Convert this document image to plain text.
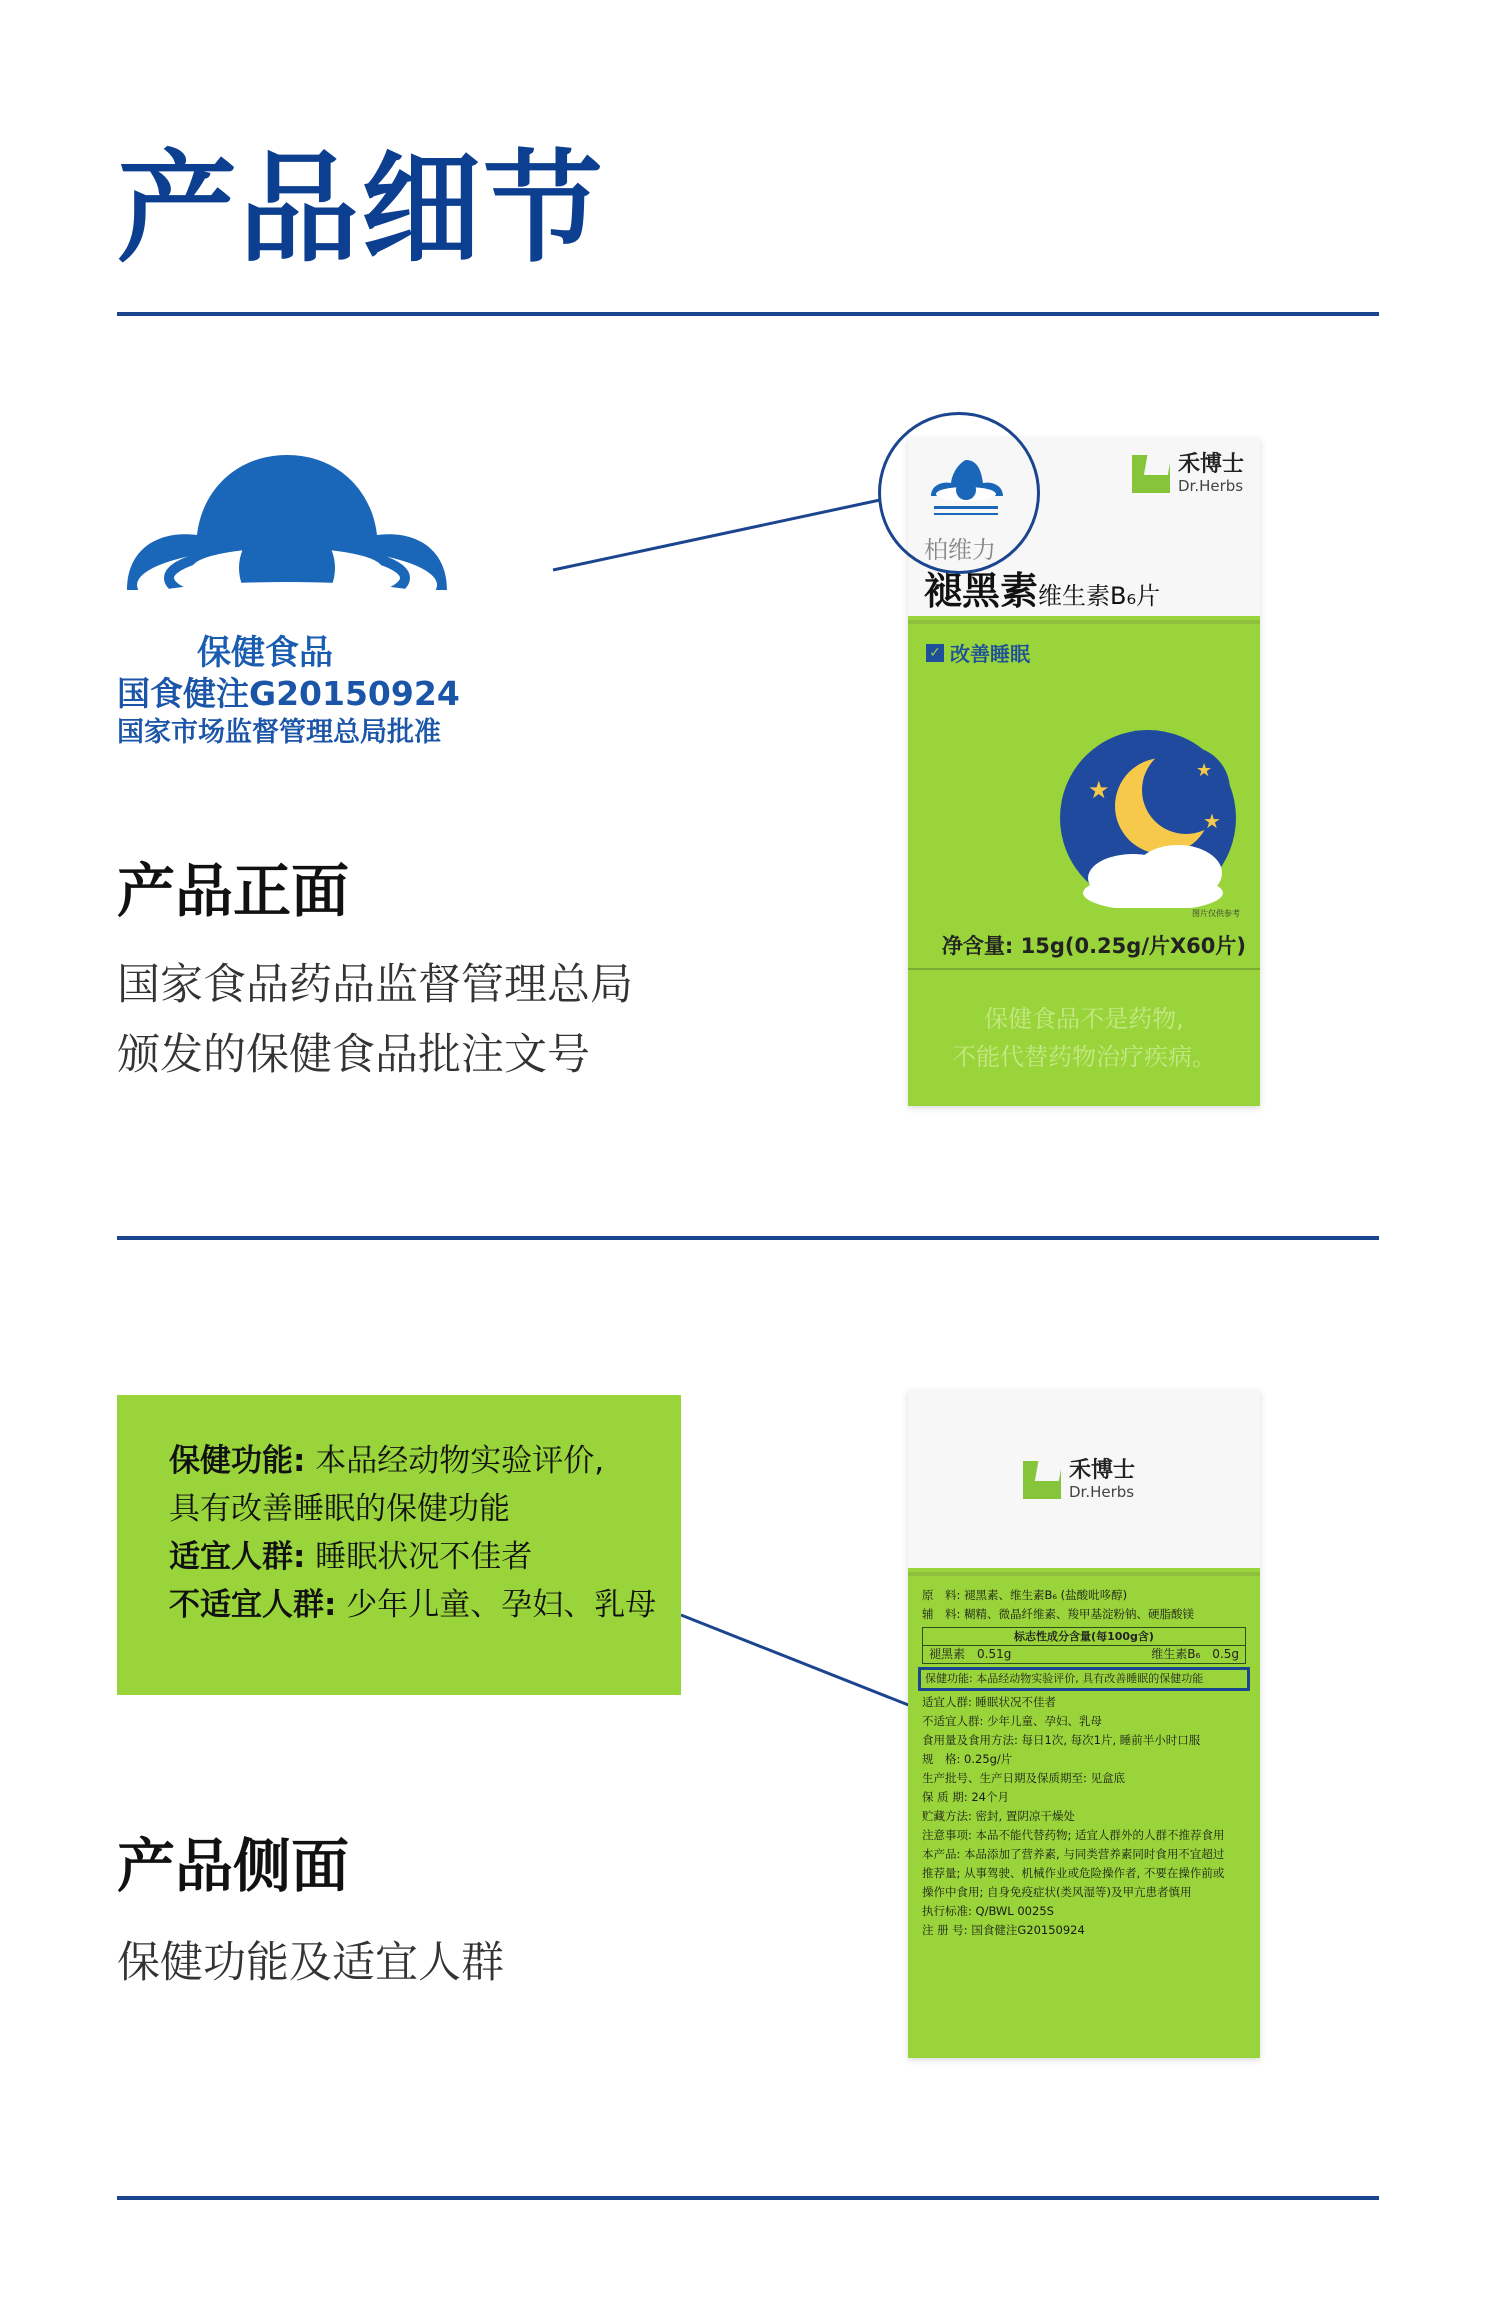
产品细节
保健食品
国食健注G20150924
国家市场监督管理总局批准
产品正面
国家食品药品监督管理总局
颁发的保健食品批注文号
禾博士
Dr.Herbs
柏维力
褪黑素维生素B₆片
✓ 改善睡眠
★
★
★
图片仅供参考
净含量: 15g(0.25g/片X60片)
保健食品不是药物,
不能代替药物治疗疾病。

保健功能: 本品经动物实验评价,

具有改善睡眠的保健功能

适宜人群: 睡眠状况不佳者

不适宜人群: 少年儿童、孕妇、乳母

产品侧面
保健功能及适宜人群
禾博士
Dr.Herbs
原　料: 褪黑素、维生素B₆ (盐酸吡哆醇)
辅　料: 糊精、微晶纤维素、羧甲基淀粉钠、硬脂酸镁
标志性成分含量(每100g含)
褪黑素　0.51g	维生素B₆　0.5g
保健功能: 本品经动物实验评价, 具有改善睡眠的保健功能
适宜人群: 睡眠状况不佳者
不适宜人群: 少年儿童、孕妇、乳母
食用量及食用方法: 每日1次, 每次1片, 睡前半小时口服
规　格: 0.25g/片
生产批号、生产日期及保质期至: 见盒底
保 质 期: 24个月
贮藏方法: 密封, 置阴凉干燥处
注意事项: 本品不能代替药物; 适宜人群外的人群不推荐食用
本产品: 本品添加了营养素, 与同类营养素同时食用不宜超过
推荐量; 从事驾驶、机械作业或危险操作者, 不要在操作前或
操作中食用; 自身免疫症状(类风湿等)及甲亢患者慎用
执行标准: Q/BWL 0025S
注 册 号: 国食健注G20150924
